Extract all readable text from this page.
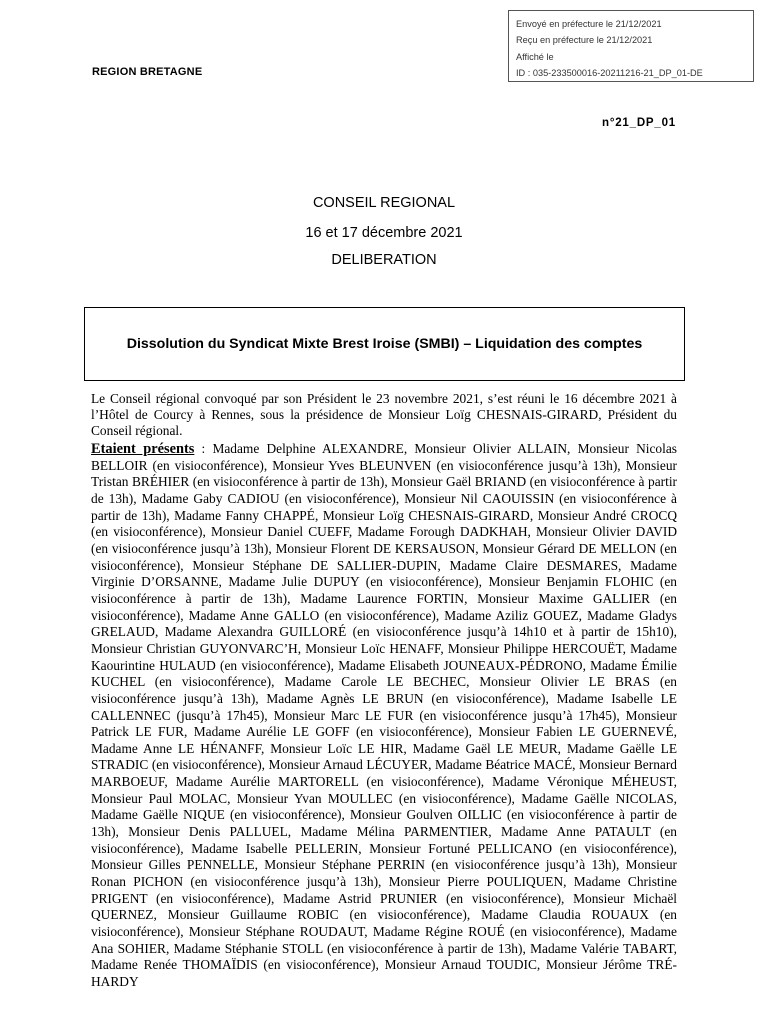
Envoyé en préfecture le 21/12/2021
Reçu en préfecture le 21/12/2021
Affiché le
ID : 035-233500016-20211216-21_DP_01-DE
REGION BRETAGNE
n°21_DP_01
CONSEIL REGIONAL
16 et 17 décembre 2021
DELIBERATION
Dissolution du Syndicat Mixte Brest Iroise (SMBI) – Liquidation des comptes

Le Conseil régional convoqué par son Président le 23 novembre 2021, s’est réuni le 16 décembre 2021 à l’Hôtel de Courcy à Rennes, sous la présidence de Monsieur Loïg CHESNAIS-GIRARD, Président du Conseil régional.

Etaient présents : Madame Delphine ALEXANDRE, Monsieur Olivier ALLAIN, Monsieur Nicolas BELLOIR (en visioconférence), Monsieur Yves BLEUNVEN (en visioconférence jusqu’à 13h), Monsieur Tristan BRÉHIER (en visioconférence à partir de 13h), Monsieur Gaël BRIAND (en visioconférence à partir de 13h), Madame Gaby CADIOU (en visioconférence), Monsieur Nil CAOUISSIN (en visioconférence à partir de 13h), Madame Fanny CHAPPÉ, Monsieur Loïg CHESNAIS-GIRARD, Monsieur André CROCQ (en visioconférence), Monsieur Daniel CUEFF, Madame Forough DADKHAH, Monsieur Olivier DAVID (en visioconférence jusqu’à 13h), Monsieur Florent DE KERSAUSON, Monsieur Gérard DE MELLON (en visioconférence), Monsieur Stéphane DE SALLIER-DUPIN, Madame Claire DESMARES, Madame Virginie D’ORSANNE, Madame Julie DUPUY (en visioconférence), Monsieur Benjamin FLOHIC (en visioconférence à partir de 13h), Madame Laurence FORTIN, Monsieur Maxime GALLIER (en visioconférence), Madame Anne GALLO (en visioconférence), Madame Aziliz GOUEZ, Madame Gladys GRELAUD, Madame Alexandra GUILLORÉ (en visioconférence jusqu’à 14h10 et à partir de 15h10), Monsieur Christian GUYONVARC’H, Monsieur Loïc HENAFF, Monsieur Philippe HERCOUËT, Madame Kaourintine HULAUD (en visioconférence), Madame Elisabeth JOUNEAUX-PÉDRONO, Madame Émilie KUCHEL (en visioconférence), Madame Carole LE BECHEC, Monsieur Olivier LE BRAS (en visioconférence jusqu’à 13h), Madame Agnès LE BRUN (en visioconférence), Madame Isabelle LE CALLENNEC (jusqu’à 17h45), Monsieur Marc LE FUR (en visioconférence jusqu’à 17h45), Monsieur Patrick LE FUR, Madame Aurélie LE GOFF (en visioconférence), Monsieur Fabien LE GUERNEVÉ, Madame Anne LE HÉNANFF, Monsieur Loïc LE HIR, Madame Gaël LE MEUR, Madame Gaëlle LE STRADIC (en visioconférence), Monsieur Arnaud LÉCUYER, Madame Béatrice MACÉ, Monsieur Bernard MARBOEUF, Madame Aurélie MARTORELL (en visioconférence), Madame Véronique MÉHEUST, Monsieur Paul MOLAC, Monsieur Yvan MOULLEC (en visioconférence), Madame Gaëlle NICOLAS, Madame Gaëlle NIQUE (en visioconférence), Monsieur Goulven OILLIC (en visioconférence à partir de 13h), Monsieur Denis PALLUEL, Madame Mélina PARMENTIER, Madame Anne PATAULT (en visioconférence), Madame Isabelle PELLERIN, Monsieur Fortuné PELLICANO (en visioconférence), Monsieur Gilles PENNELLE, Monsieur Stéphane PERRIN (en visioconférence jusqu’à 13h), Monsieur Ronan PICHON (en visioconférence jusqu’à 13h), Monsieur Pierre POULIQUEN, Madame Christine PRIGENT (en visioconférence), Madame Astrid PRUNIER (en visioconférence), Monsieur Michaël QUERNEZ, Monsieur Guillaume ROBIC (en visioconférence), Madame Claudia ROUAUX (en visioconférence), Monsieur Stéphane ROUDAUT, Madame Régine ROUÉ (en visioconférence), Madame Ana SOHIER, Madame Stéphanie STOLL (en visioconférence à partir de 13h), Madame Valérie TABART, Madame Renée THOMAÏDIS (en visioconférence), Monsieur Arnaud TOUDIC, Monsieur Jérôme TRÉ-HARDY
